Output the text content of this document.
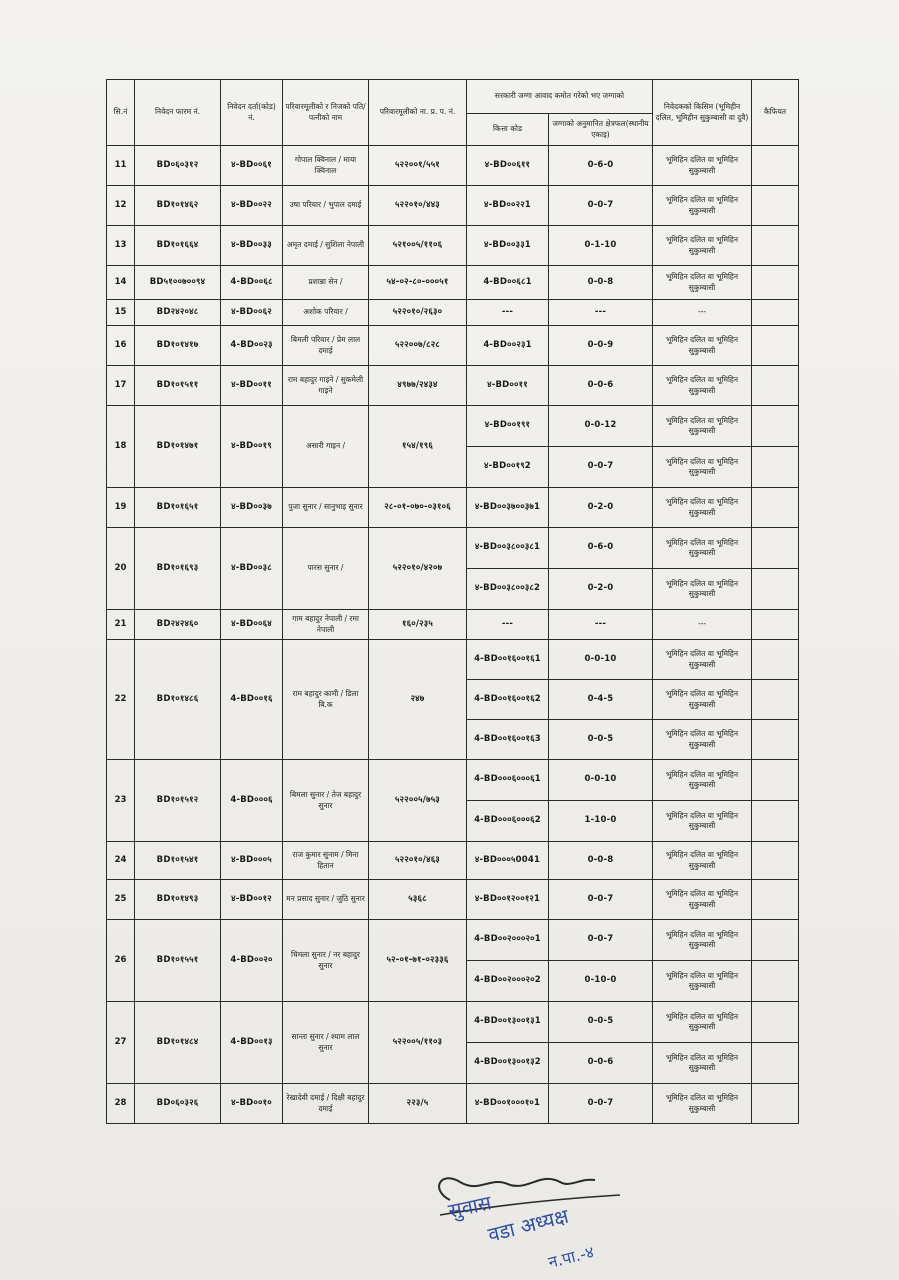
सि.नं	निवेदन फारम नं.	निवेदन दर्ता(कोड) नं.	परिवारमूलीको र निजको पति/पत्नीको नाम	परिवारमूलीको ना. प्र. प. नं.	सरकारी जग्गा आवाद कमोत गरेको भए जग्गाको		निवेदकको किसिम (भूमिहीन दलित, भूमिहीन सुकुम्बासी वा दुवै)	कैफियत
					कित्ता कोड	जग्गाको अनुमानित क्षेत्रफल(स्थानीय एकाइ)		
11	BD०६०३१२	४-BD००६१	गोपाल क्विनाल / माया क्विनाल	५२२००१/५५१	४-BD००६११	0-6-0	भूमिहिन दलित वा भूमिहिन सुकुम्बासी	
12	BD१०१४६२	४-BD००२२	उषा परियार / भुपाल दमाई	५२२०१०/४४३	४-BD००२२1	0-0-7	भूमिहिन दलित वा भूमिहिन सुकुम्बासी	
13	BD१०१६६४	४-BD००३३	अमृत दमाई / सुशिला नेपाली	५२१००५/११०६	४-BD००३३1	0-1-10	भूमिहिन दलित वा भूमिहिन सुकुम्बासी	
14	BD५१००७००९४	4-BD००६८	प्रशान्ना सेन /	५४-०२-८०-०००५१	4-BD००६८1	0-0-8	भूमिहिन दलित वा भूमिहिन सुकुम्बासी	
15	BD२४२०४८	४-BD००६२	अशोक परियार /	५२२०१०/२६३०	---	---	---	
16	BD१०१४१७	4-BD००२३	बिमली परियार / प्रेम लाल दमाई	५२२००७/८२८	4-BD००२३1	0-0-9	भूमिहिन दलित वा भूमिहिन सुकुम्बासी	
17	BD१०१५११	४-BD००११	राम बहादुर गाइने / सुकमेली गाइने	४९७७/२४३४	४-BD००११	0-0-6	भूमिहिन दलित वा भूमिहिन सुकुम्बासी	
18	BD१०१४७१	४-BD००१९	असारी गाइन /	१५४/१९६	४-BD००१९१	0-0-12	भूमिहिन दलित वा भूमिहिन सुकुम्बासी	
					४-BD००१९2	0-0-7	भूमिहिन दलित वा भूमिहिन सुकुम्बासी	
19	BD१०१६५१	४-BD००३७	पुजा सुनार / सानुभाइ सुनार	२८-०१-०७०-०३१०६	४-BD००३७००३७1	0-2-0	भूमिहिन दलित वा भूमिहिन सुकुम्बासी	
20	BD१०१६९३	४-BD००३८	पारस सुनार /	५२२०१०/४२०७	४-BD००३८००३८1	0-6-0	भूमिहिन दलित वा भूमिहिन सुकुम्बासी	
					४-BD००३८००३८2	0-2-0	भूमिहिन दलित वा भूमिहिन सुकुम्बासी	
21	BD२४२४६०	४-BD००६४	गाम बहादुर नेपाली / रमा नेपाली	१६०/२३५	---	---	---	
22	BD१०१४८६	4-BD००१६	राम बहादुर कामी / डिला बि.क	२४७	4-BD००१६००१६1	0-0-10	भूमिहिन दलित वा भूमिहिन सुकुम्बासी	
					4-BD००१६००१६2	0-4-5	भूमिहिन दलित वा भूमिहिन सुकुम्बासी	
					4-BD००१६००१६3	0-0-5	भूमिहिन दलित वा भूमिहिन सुकुम्बासी	
23	BD१०१५१२	4-BD०००६	बिमला सुनार / तेज बहादुर सुनार	५२२००५/७५३	4-BD०००६०००६1	0-0-10	भूमिहिन दलित वा भूमिहिन सुकुम्बासी	
					4-BD०००६०००६2	1-10-0	भूमिहिन दलित वा भूमिहिन सुकुम्बासी	
24	BD१०१५४१	४-BD०००५	राज कुमार सुनाम / मिना हितान	५२२०१०/४६३	४-BD०००५0041	0-0-8	भूमिहिन दलित वा भूमिहिन सुकुम्बासी	
25	BD१०१४९३	४-BD००१२	मन प्रसाद सुनार / जुठि सुनार	५३६८	४-BD००१२००१२1	0-0-7	भूमिहिन दलित वा भूमिहिन सुकुम्बासी	
26	BD१०१५५१	4-BD००२०	चिमला सुनार / नर बहादुर सुनार	५२-०१-७१-०२३३६	4-BD००२०००२०1	0-0-7	भूमिहिन दलित वा भूमिहिन सुकुम्बासी	
					4-BD००२०००२०2	0-10-0	भूमिहिन दलित वा भूमिहिन सुकुम्बासी	
27	BD१०१४८४	4-BD००१३	सान्ता सुनार / श्याम लाल सुनार	५२२००५/११०३	4-BD००१३००१३1	0-0-5	भूमिहिन दलित वा भूमिहिन सुकुम्बासी	
					4-BD००१३००१३2	0-0-6	भूमिहिन दलित वा भूमिहिन सुकुम्बासी	
28	BD०६०३२६	४-BD००१०	रेखादेवी दमाई / दिक्षी बहादुर दमाई	२२३/५	४-BD००१०००१०1	0-0-7	भूमिहिन दलित वा भूमिहिन सुकुम्बासी	
सुवास
वडा अध्यक्ष
न.पा.-४
